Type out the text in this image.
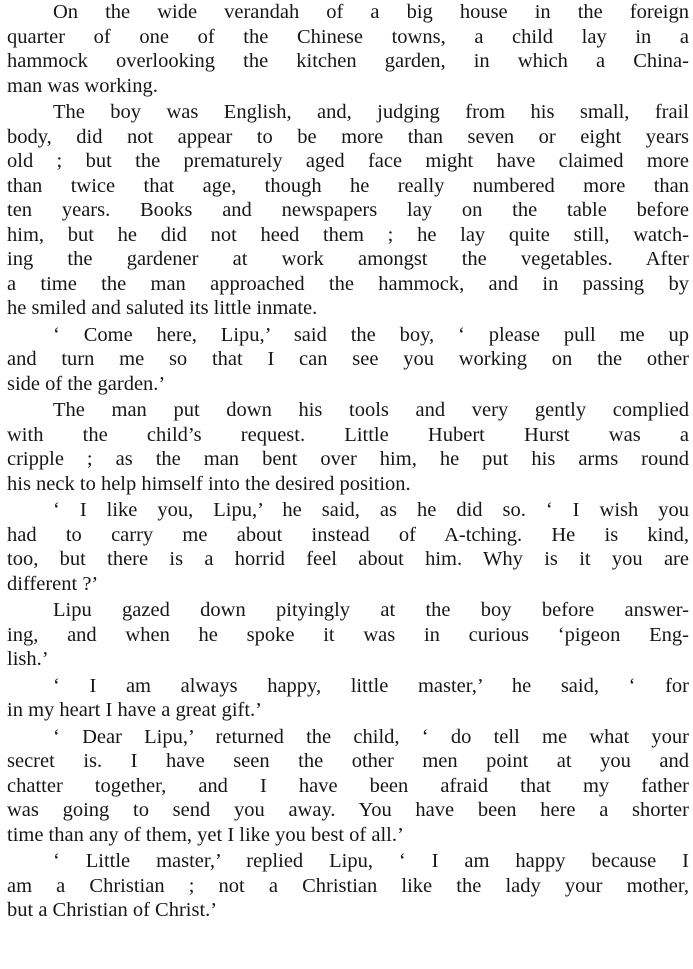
On the wide verandah of a big house in the foreign
quarter of one of the Chinese towns, a child lay in a
hammock overlooking the kitchen garden, in which a China-
man was working.
The boy was English, and, judging from his small, frail
body, did not appear to be more than seven or eight years
old ; but the prematurely aged face might have claimed more
than twice that age, though he really numbered more than
ten years. Books and newspapers lay on the table before
him, but he did not heed them ; he lay quite still, watch-
ing the gardener at work amongst the vegetables. After
a time the man approached the hammock, and in passing by
he smiled and saluted its little inmate.
‘ Come here, Lipu,’ said the boy, ‘ please pull me up
and turn me so that I can see you working on the other
side of the garden.’
The man put down his tools and very gently complied
with the child’s request. Little Hubert Hurst was a
cripple ; as the man bent over him, he put his arms round
his neck to help himself into the desired position.
‘ I like you, Lipu,’ he said, as he did so. ‘ I wish you
had to carry me about instead of A-tching. He is kind,
too, but there is a horrid feel about him. Why is it you are
different ?’
Lipu gazed down pityingly at the boy before answer-
ing, and when he spoke it was in curious ‘pigeon Eng-
lish.’
‘ I am always happy, little master,’ he said, ‘ for
in my heart I have a great gift.’
‘ Dear Lipu,’ returned the child, ‘ do tell me what your
secret is. I have seen the other men point at you and
chatter together, and I have been afraid that my father
was going to send you away. You have been here a shorter
time than any of them, yet I like you best of all.’
‘ Little master,’ replied Lipu, ‘ I am happy because I
am a Christian ; not a Christian like the lady your mother,
but a Christian of Christ.’
